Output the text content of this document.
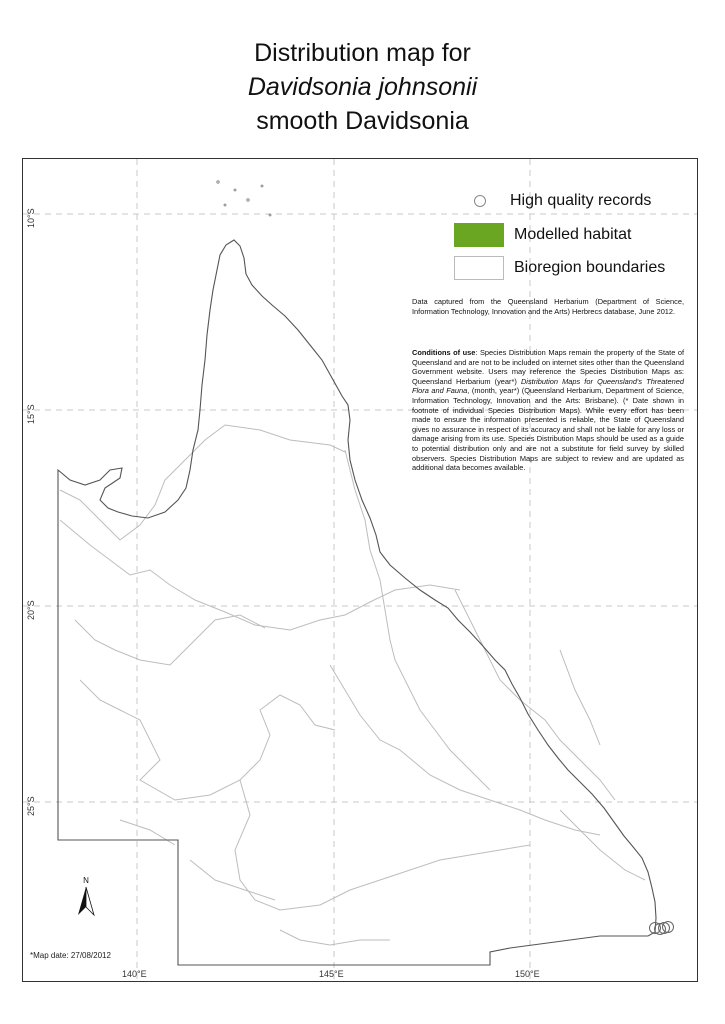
Distribution map for
Davidsonia johnsonii
smooth Davidsonia
10°S
15°S
20°S
25°S
140°E	145°E	150°E
High quality records
Modelled habitat
Bioregion boundaries
Data captured from the Queensland Herbarium (Department of Science, Information Technology, Innovation and the Arts) Herbrecs database, June 2012.
Conditions of use: Species Distribution Maps remain the property of the State of Queensland and are not to be included on internet sites other than the Queensland Government website. Users may reference the Species Distribution Maps as: Queensland Herbarium (year*) Distribution Maps for Queensland's Threatened Flora and Fauna, (month, year*) (Queensland Herbarium, Department of Science, Information Technology, Innovation and the Arts: Brisbane). (* Date shown in footnote of individual Species Distribution Maps). While every effort has been made to ensure the information presented is reliable, the State of Queensland gives no assurance in respect of its accuracy and shall not be liable for any loss or damage arising from its use. Species Distribution Maps should be used as a guide to potential distribution only and are not a substitute for field survey by skilled observers. Species Distribution Maps are subject to review and are updated as additional data becomes available.
N
*Map date: 27/08/2012
